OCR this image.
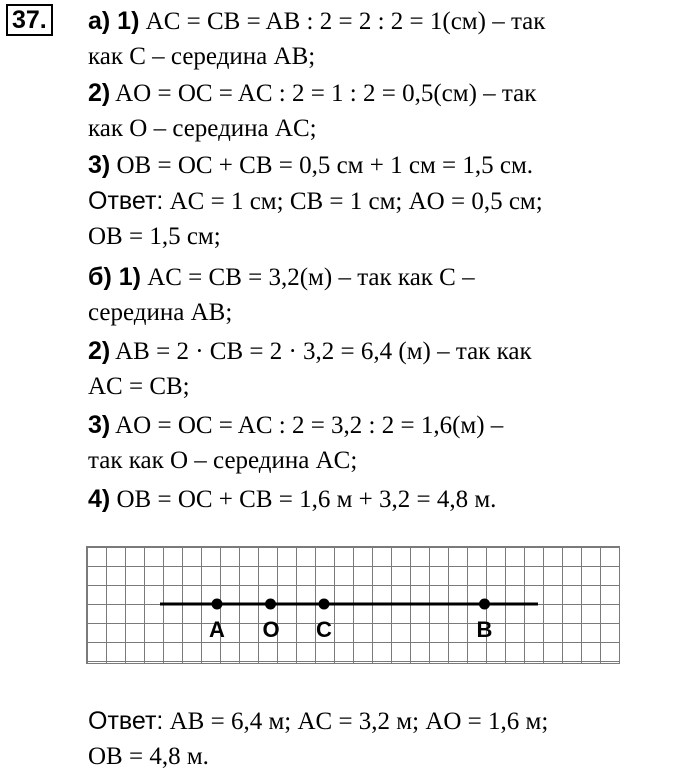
37. а) 1) AC = CB = AB : 2 = 2 : 2 = 1(см) – так
как C – середина AB;
2) AO = OC = AC : 2 = 1 : 2 = 0,5(см) – так
как O – середина AC;
3) OB = OC + CB = 0,5 см + 1 см = 1,5 см.
Ответ: AC = 1 см; CB = 1 см; AO = 0,5 см;
OB = 1,5 см;
б) 1) AC = CB = 3,2(м) – так как C –
середина AB;
2) AB = 2 · CB = 2 · 3,2 = 6,4 (м) – так как
AC = CB;
3) AO = OC = AC : 2 = 3,2 : 2 = 1,6(м) –
так как O – середина AC;
4) OB = OC + CB = 1,6 м + 3,2 = 4,8 м.
A O C	B
Ответ: AB = 6,4 м; AC = 3,2 м; AO = 1,6 м;
OB = 4,8 м.
